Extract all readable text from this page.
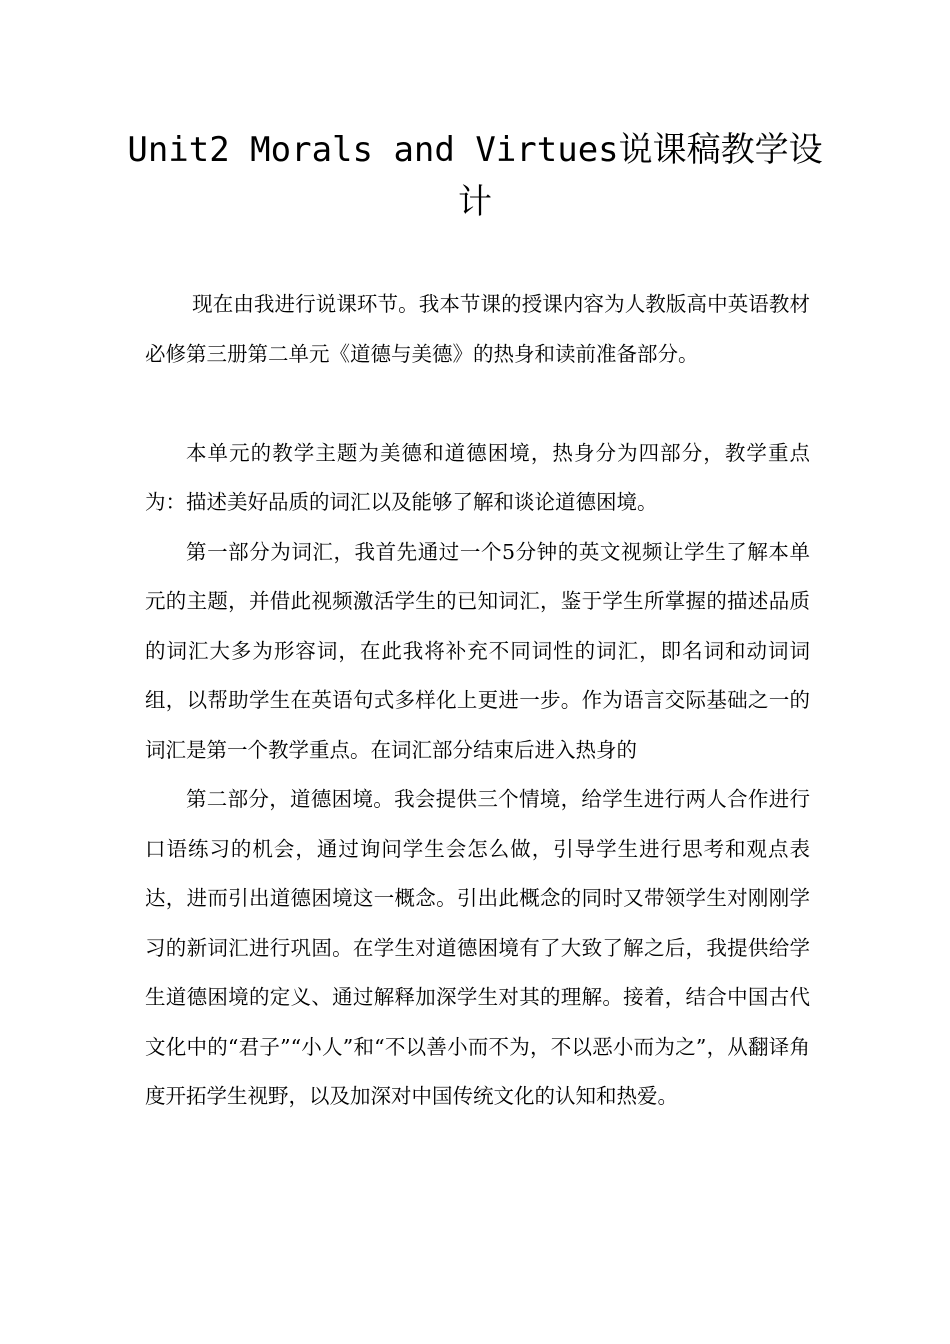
Unit2 Morals and Virtues说课稿教学设计

现在由我进行说课环节。我本节课的授课内容为人教版高中英语教材必修第三册第二单元《道德与美德》的热身和读前准备部分。

本单元的教学主题为美德和道德困境，热身分为四部分，教学重点为：描述美好品质的词汇以及能够了解和谈论道德困境。

第一部分为词汇，我首先通过一个5分钟的英文视频让学生了解本单元的主题，并借此视频激活学生的已知词汇，鉴于学生所掌握的描述品质的词汇大多为形容词，在此我将补充不同词性的词汇，即名词和动词词组，以帮助学生在英语句式多样化上更进一步。作为语言交际基础之一的词汇是第一个教学重点。在词汇部分结束后进入热身的

第二部分，道德困境。我会提供三个情境，给学生进行两人合作进行口语练习的机会，通过询问学生会怎么做，引导学生进行思考和观点表达，进而引出道德困境这一概念。引出此概念的同时又带领学生对刚刚学习的新词汇进行巩固。在学生对道德困境有了大致了解之后，我提供给学生道德困境的定义、通过解释加深学生对其的理解。接着，结合中国古代文化中的“君子”“小人”和“不以善小而不为，不以恶小而为之”，从翻译角度开拓学生视野，以及加深对中国传统文化的认知和热爱。
